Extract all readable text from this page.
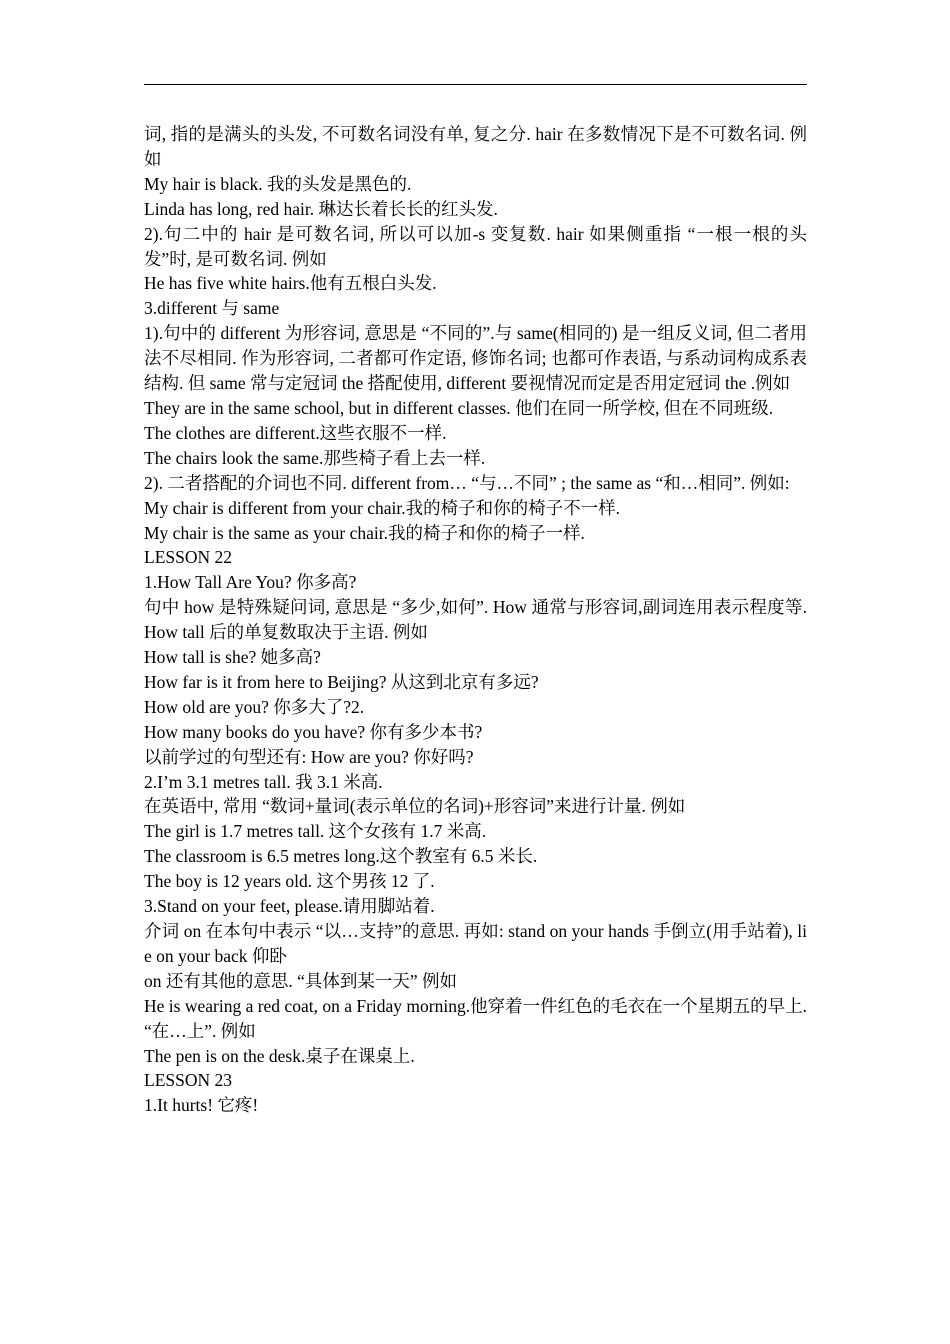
词, 指的是满头的头发, 不可数名词没有单, 复之分. hair 在多数情况下是不可数名词. 例如

My hair is black. 我的头发是黑色的.

Linda has long, red hair. 琳达长着长长的红头发.

2).句二中的 hair 是可数名词, 所以可以加-s 变复数. hair 如果侧重指 “一根一根的头发”时, 是可数名词. 例如

He has five white hairs.他有五根白头发.

3.different 与 same

1).句中的 different 为形容词, 意思是 “不同的”.与 same(相同的) 是一组反义词, 但二者用法不尽相同. 作为形容词, 二者都可作定语, 修饰名词; 也都可作表语, 与系动词构成系表结构. 但 same 常与定冠词 the 搭配使用, different 要视情况而定是否用定冠词 the .例如

They are in the same school, but in different classes. 他们在同一所学校, 但在不同班级.

The clothes are different.这些衣服不一样.

The chairs look the same.那些椅子看上去一样.

2). 二者搭配的介词也不同. different from… “与…不同” ; the same as “和…相同”. 例如:

My chair is different from your chair.我的椅子和你的椅子不一样.

My chair is the same as your chair.我的椅子和你的椅子一样.

LESSON 22

1.How Tall Are You? 你多高?

句中 how 是特殊疑问词, 意思是 “多少,如何”. How 通常与形容词,副词连用表示程度等.How tall 后的单复数取决于主语. 例如

How tall is she? 她多高?

How far is it from here to Beijing? 从这到北京有多远?

How old are you? 你多大了?2.

How many books do you have? 你有多少本书?

以前学过的句型还有: How are you? 你好吗?

2.I’m 3.1 metres tall. 我 3.1 米高.

在英语中, 常用 “数词+量词(表示单位的名词)+形容词”来进行计量. 例如

The girl is 1.7 metres tall. 这个女孩有 1.7 米高.

The classroom is 6.5 metres long.这个教室有 6.5 米长.

The boy is 12 years old. 这个男孩 12 了.

3.Stand on your feet, please.请用脚站着.

介词 on 在本句中表示 “以…支持”的意思. 再如: stand on your hands 手倒立(用手站着), lie on your back 仰卧

on 还有其他的意思. “具体到某一天” 例如

He is wearing a red coat, on a Friday morning.他穿着一件红色的毛衣在一个星期五的早上.

“在…上”. 例如

The pen is on the desk.桌子在课桌上.

LESSON 23

1.It hurts! 它疼!
